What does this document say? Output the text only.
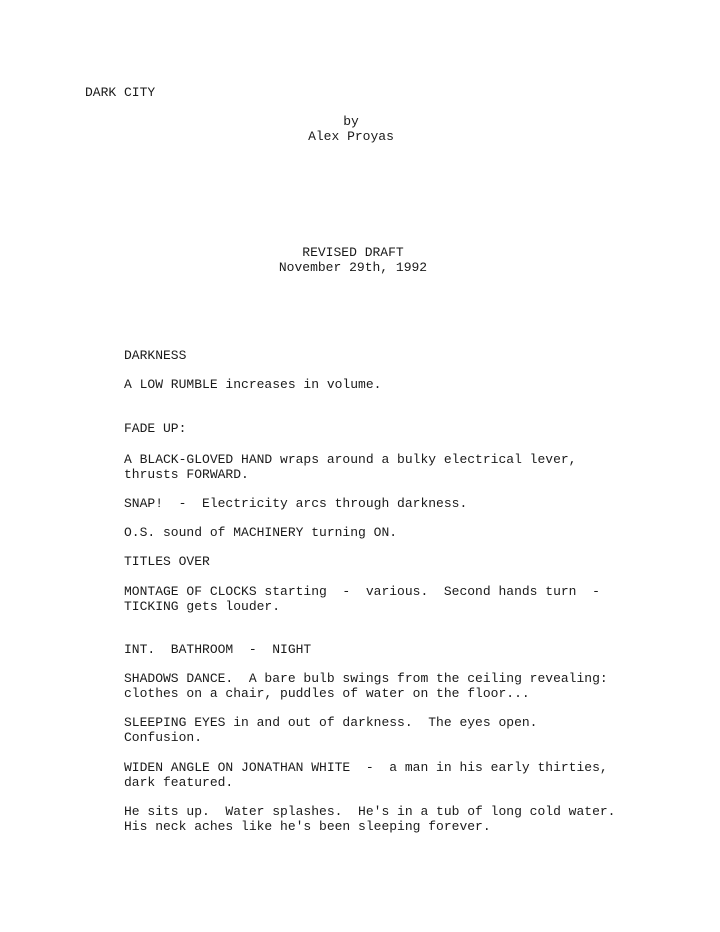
DARK CITY

by

Alex Proyas

REVISED DRAFT

November 29th, 1992

DARKNESS

A LOW RUMBLE increases in volume.

FADE UP:

A BLACK-GLOVED HAND wraps around a bulky electrical lever,

thrusts FORWARD.

SNAP!  -  Electricity arcs through darkness.

O.S. sound of MACHINERY turning ON.

TITLES OVER

MONTAGE OF CLOCKS starting  -  various.  Second hands turn  -

TICKING gets louder.

INT.  BATHROOM  -  NIGHT

SHADOWS DANCE.  A bare bulb swings from the ceiling revealing:

clothes on a chair, puddles of water on the floor...

SLEEPING EYES in and out of darkness.  The eyes open.

Confusion.

WIDEN ANGLE ON JONATHAN WHITE  -  a man in his early thirties,

dark featured.

He sits up.  Water splashes.  He's in a tub of long cold water.

His neck aches like he's been sleeping forever.
